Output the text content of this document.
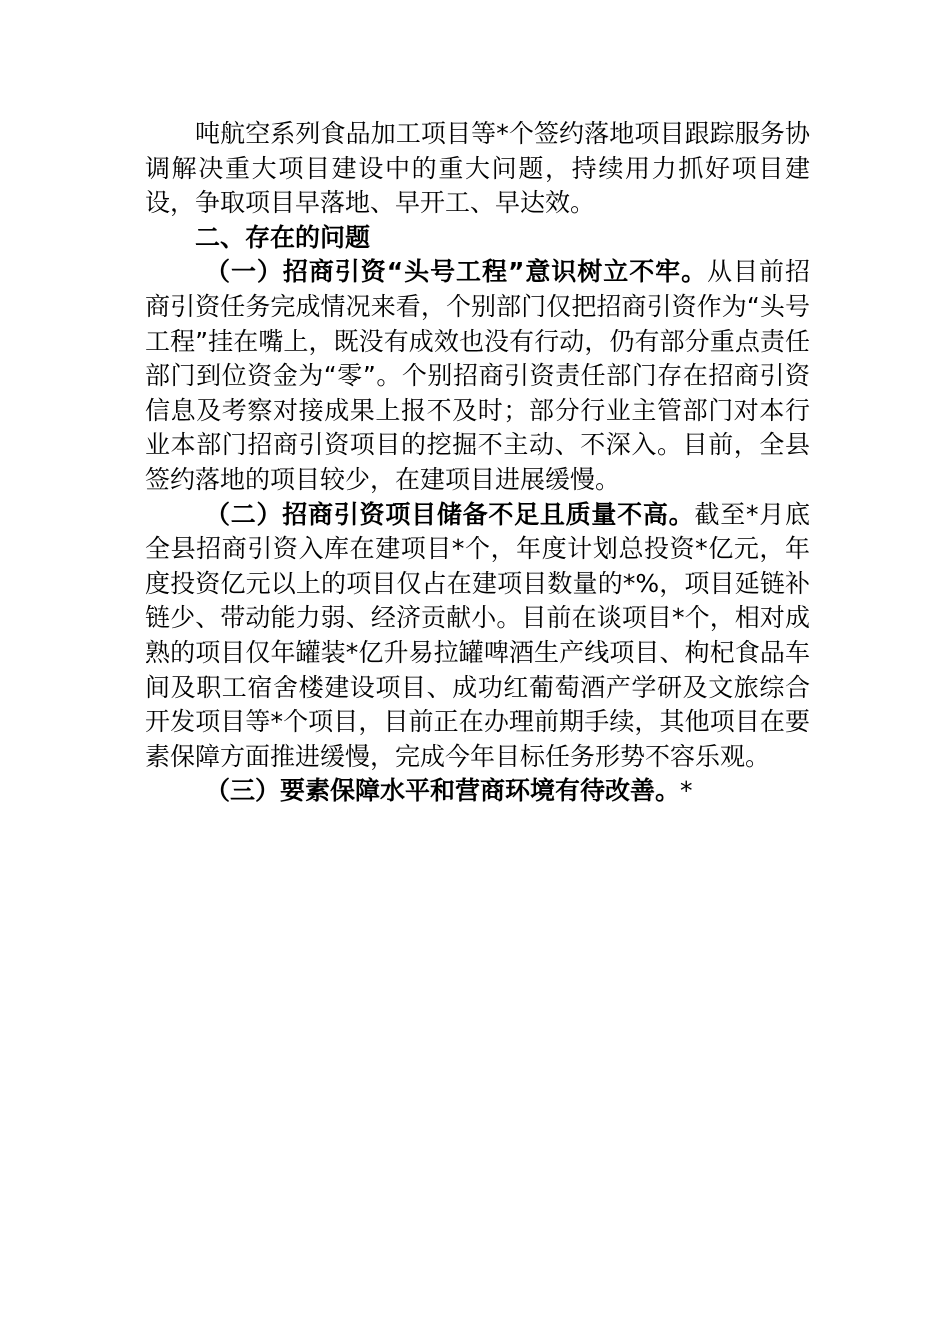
吨航空系列食品加工项目等*个签约落地项目跟踪服务协调解决重大项目建设中的重大问题，持续用力抓好项目建设，争取项目早落地、早开工、早达效。

二、存在的问题

（一）招商引资“头号工程”意识树立不牢。从目前招商引资任务完成情况来看，个别部门仅把招商引资作为“头号工程”挂在嘴上，既没有成效也没有行动，仍有部分重点责任部门到位资金为“零”。个别招商引资责任部门存在招商引资信息及考察对接成果上报不及时；部分行业主管部门对本行业本部门招商引资项目的挖掘不主动、不深入。目前，全县签约落地的项目较少，在建项目进展缓慢。

（二）招商引资项目储备不足且质量不高。截至*月底全县招商引资入库在建项目*个，年度计划总投资*亿元，年度投资亿元以上的项目仅占在建项目数量的*%，项目延链补链少、带动能力弱、经济贡献小。目前在谈项目*个，相对成熟的项目仅年罐装*亿升易拉罐啤酒生产线项目、枸杞食品车间及职工宿舍楼建设项目、成功红葡萄酒产学研及文旅综合开发项目等*个项目，目前正在办理前期手续，其他项目在要素保障方面推进缓慢，完成今年目标任务形势不容乐观。

（三）要素保障水平和营商环境有待改善。*
